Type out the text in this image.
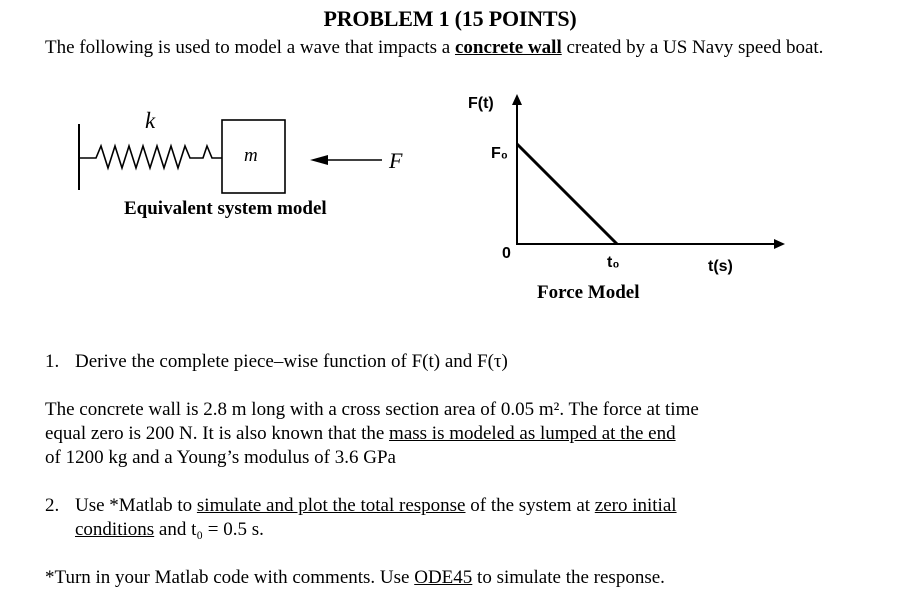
PROBLEM 1 (15 POINTS)
The following is used to model a wave that impacts a concrete wall created by a US Navy speed boat.
k
m	F
Equivalent system model
F(t)
F₀
0
t₀	t(s)
Force Model
1. Derive the complete piece–wise function of F(t) and F(τ)
The concrete wall is 2.8 m long with a cross section area of 0.05 m². The force at time
equal zero is 200 N. It is also known that the mass is modeled as lumped at the end
of 1200 kg and a Young’s modulus of 3.6 GPa
2. Use *Matlab to simulate and plot the total response of the system at zero initial
conditions and t₀ = 0.5 s.
*Turn in your Matlab code with comments. Use ODE45 to simulate the response.
